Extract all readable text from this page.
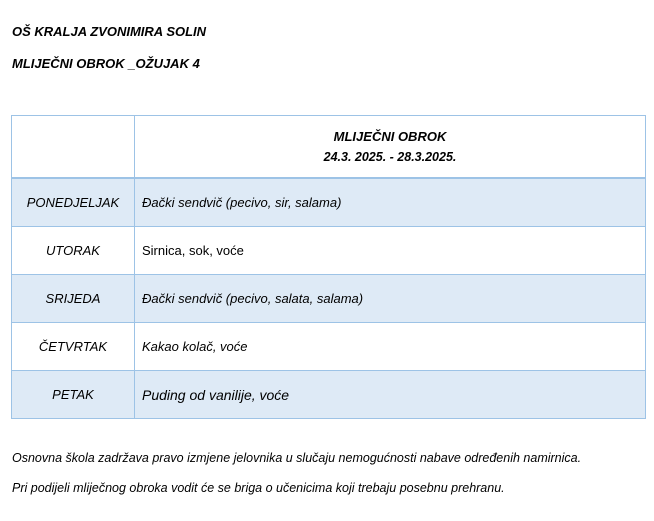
OŠ KRALJA ZVONIMIRA SOLIN
MLIJEČNI OBROK _OŽUJAK 4

	MLIJEČNI OBROK
24.3. 2025. - 28.3.2025.

PONEDJELJAK	Đački sendvič (pecivo, sir, salama)
UTORAK	Sirnica, sok, voće
SRIJEDA	Đački sendvič (pecivo, salata, salama)
ČETVRTAK	Kakao kolač, voće
PETAK	Puding od vanilije, voće
Osnovna škola zadržava pravo izmjene jelovnika u slučaju nemogućnosti nabave određenih namirnica.
Pri podijeli mliječnog obroka vodit će se briga o učenicima koji trebaju posebnu prehranu.
